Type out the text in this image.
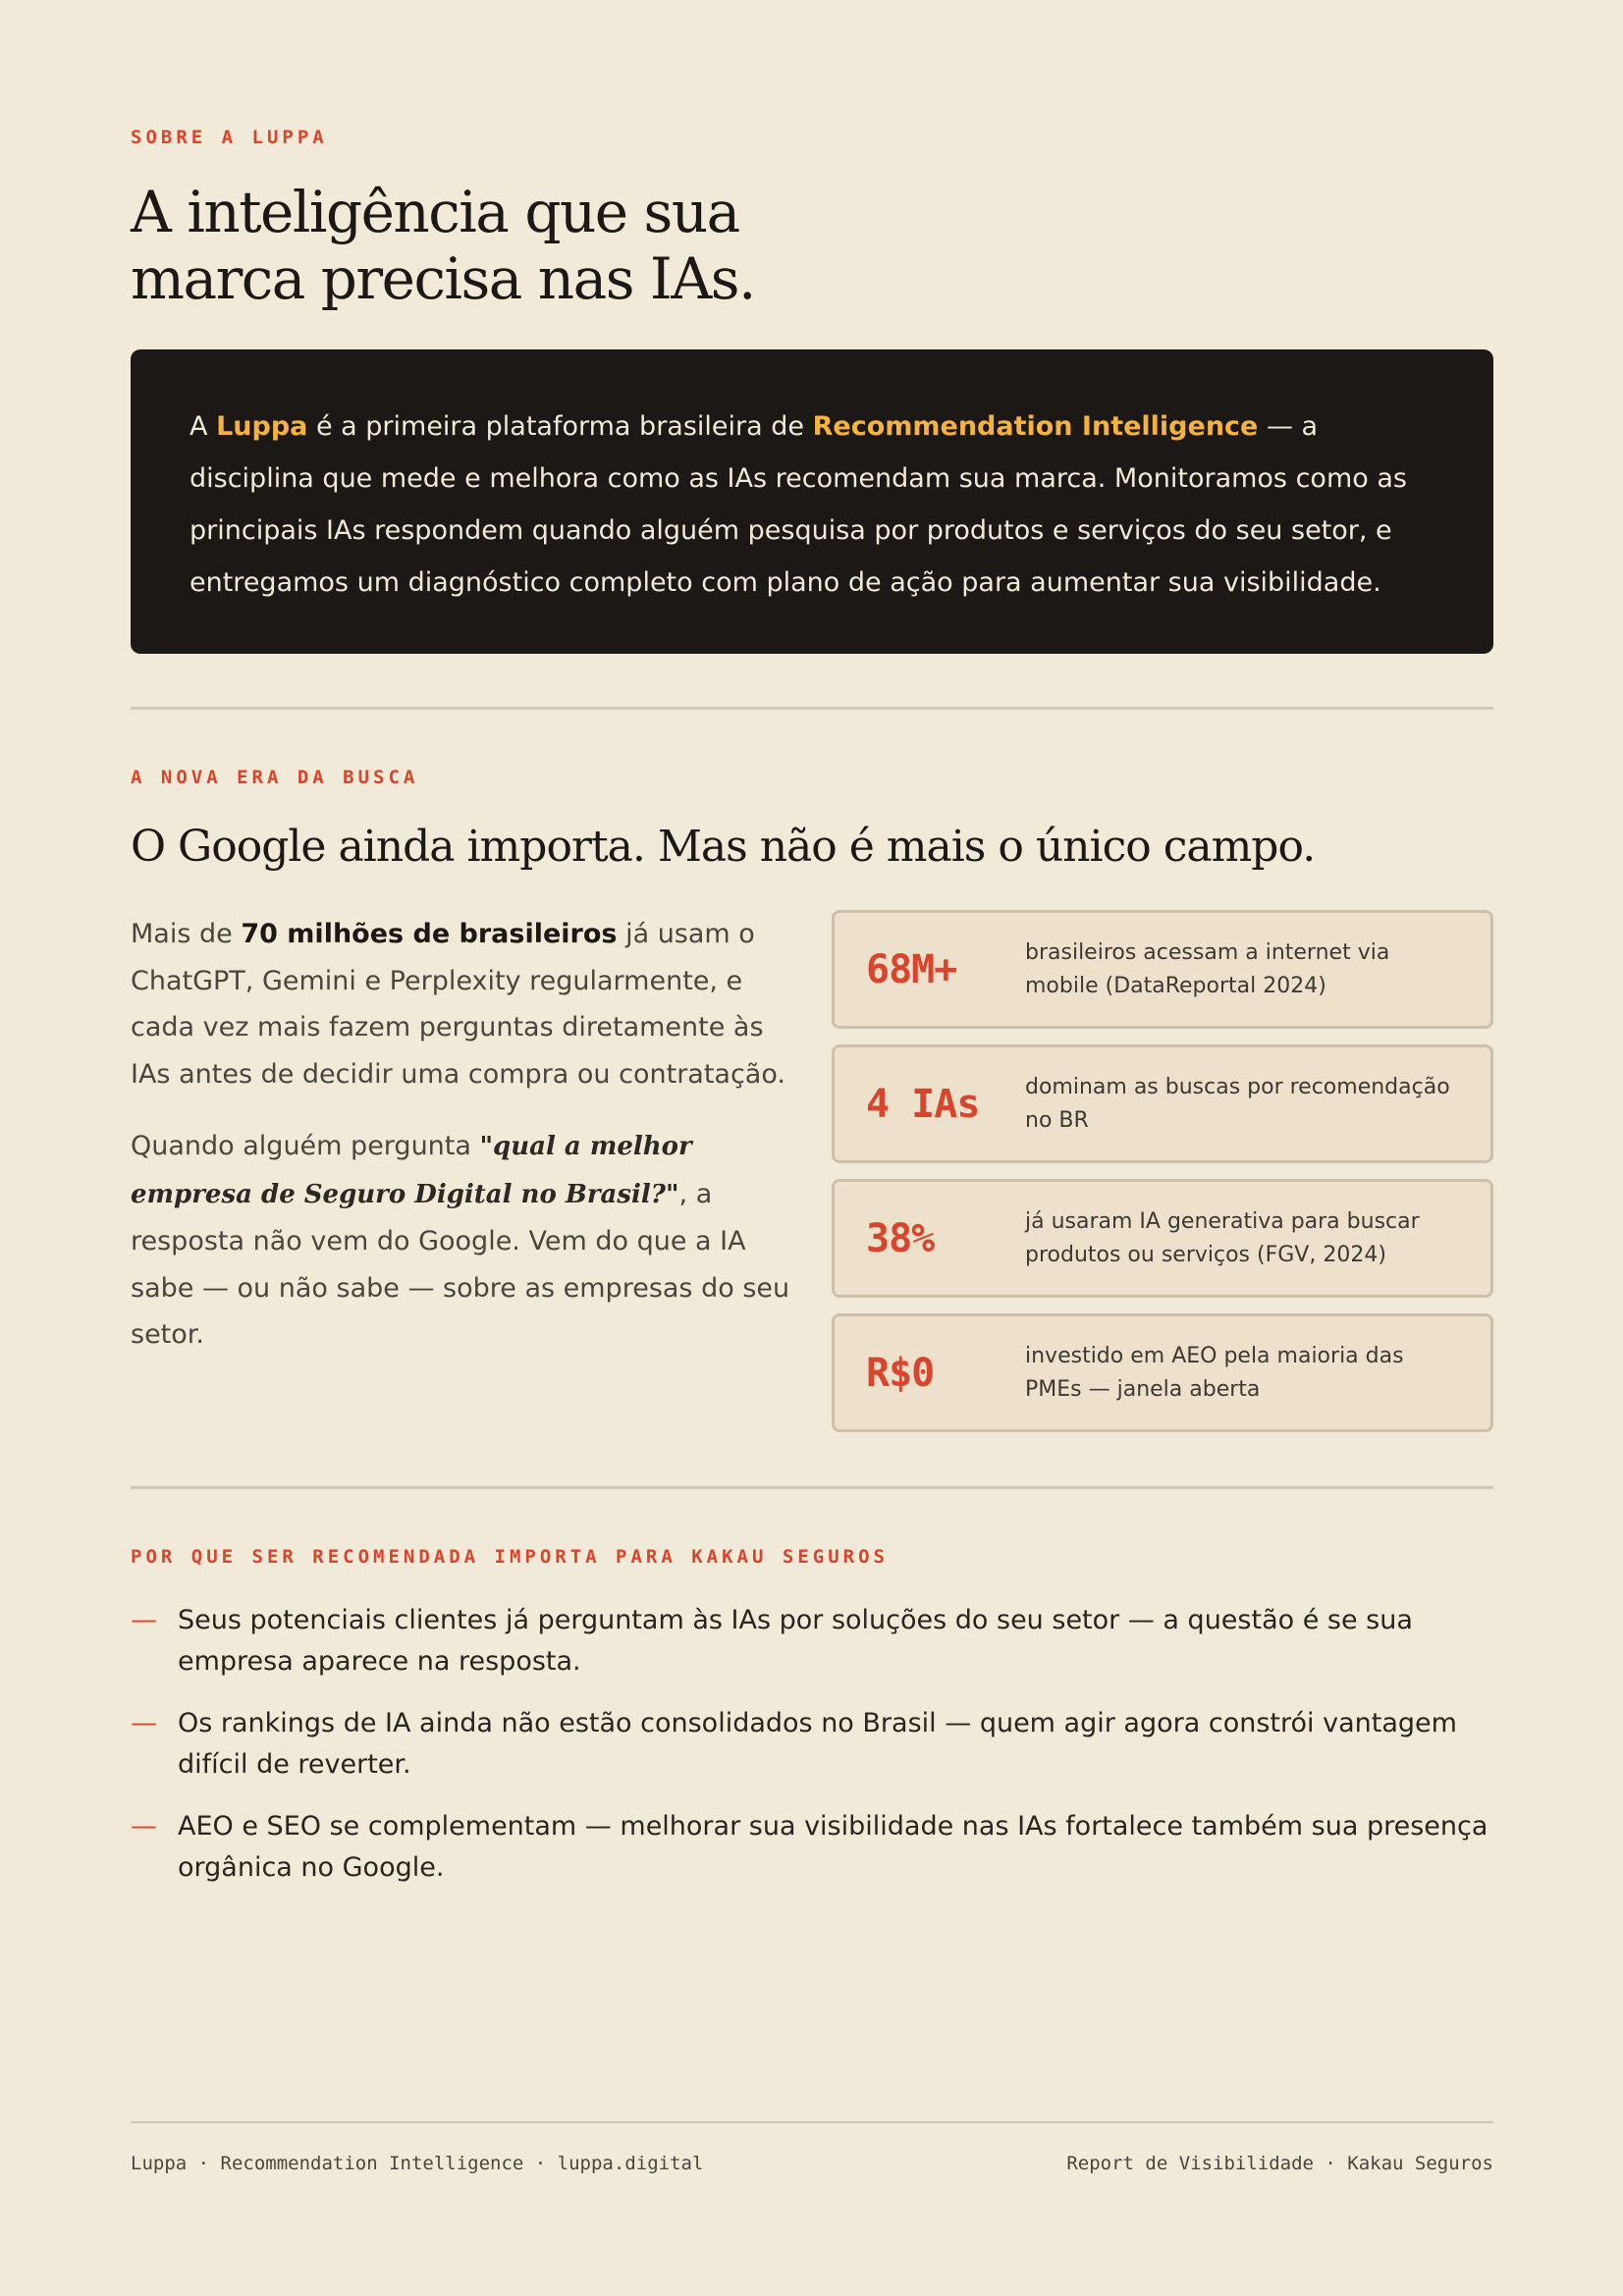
SOBRE A LUPPA
A inteligência que sua
marca precisa nas IAs.
A Luppa é a primeira plataforma brasileira de Recommendation Intelligence — a disciplina que mede e melhora como as IAs recomendam sua marca. Monitoramos como as principais IAs respondem quando alguém pesquisa por produtos e serviços do seu setor, e entregamos um diagnóstico completo com plano de ação para aumentar sua visibilidade.
A NOVA ERA DA BUSCA
O Google ainda importa. Mas não é mais o único campo.

Mais de 70 milhões de brasileiros já usam o ChatGPT, Gemini e Perplexity regularmente, e cada vez mais fazem perguntas diretamente às IAs antes de decidir uma compra ou contratação.

Quando alguém pergunta "qual a melhor empresa de Seguro Digital no Brasil?", a resposta não vem do Google. Vem do que a IA sabe — ou não sabe — sobre as empresas do seu setor.

68M+	brasileiros acessam a internet via mobile (DataReportal 2024)
4 IAs	dominam as buscas por recomendação no BR
38%	já usaram IA generativa para buscar produtos ou serviços (FGV, 2024)
R$0	investido em AEO pela maioria das PMEs — janela aberta
POR QUE SER RECOMENDADA IMPORTA PARA KAKAU SEGUROS
— Seus potenciais clientes já perguntam às IAs por soluções do seu setor — a questão é se sua empresa aparece na resposta.
— Os rankings de IA ainda não estão consolidados no Brasil — quem agir agora constrói vantagem difícil de reverter.
— AEO e SEO se complementam — melhorar sua visibilidade nas IAs fortalece também sua presença orgânica no Google.
Luppa · Recommendation Intelligence · luppa.digital	Report de Visibilidade · Kakau Seguros
